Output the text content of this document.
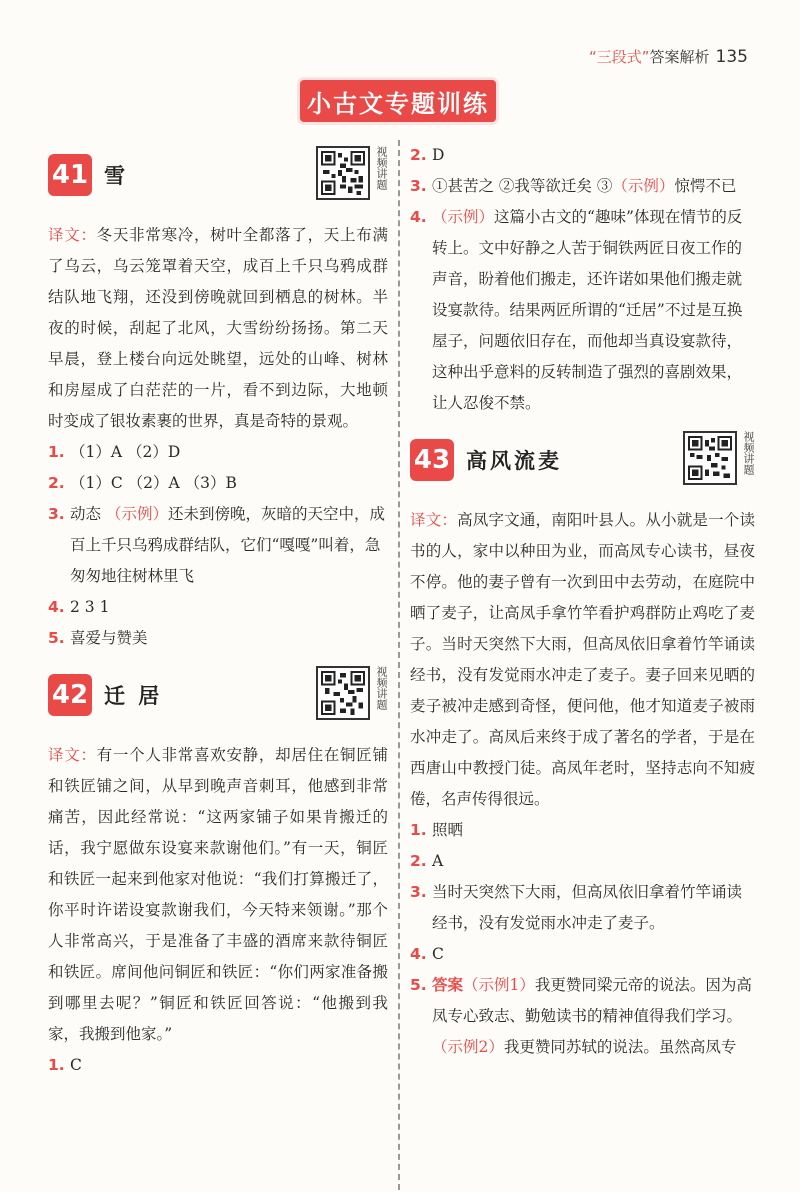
“三段式”答案解析 135
小古文专题训练
41 雪	视频讲题

译文：冬天非常寒冷，树叶全都落了，天上布满了乌云，乌云笼罩着天空，成百上千只乌鸦成群结队地飞翔，还没到傍晚就回到栖息的树林。半夜的时候，刮起了北风，大雪纷纷扬扬。第二天早晨，登上楼台向远处眺望，远处的山峰、树林和房屋成了白茫茫的一片，看不到边际，大地顿时变成了银妆素裹的世界，真是奇特的景观。

1. （1）A （2）D
2. （1）C （2）A （3）B
3. 动态 （示例）还未到傍晚，灰暗的天空中，成百上千只乌鸦成群结队，它们“嘎嘎”叫着，急匆匆地往树林里飞
4. 2 3 1
5. 喜爱与赞美
42 迁 居	视频讲题

译文：有一个人非常喜欢安静，却居住在铜匠铺和铁匠铺之间，从早到晚声音刺耳，他感到非常痛苦，因此经常说：“这两家铺子如果肯搬迁的话，我宁愿做东设宴来款谢他们。”有一天，铜匠和铁匠一起来到他家对他说：“我们打算搬迁了，你平时许诺设宴款谢我们，今天特来领谢。”那个人非常高兴，于是准备了丰盛的酒席来款待铜匠和铁匠。席间他问铜匠和铁匠：“你们两家准备搬到哪里去呢？”铜匠和铁匠回答说：“他搬到我家，我搬到他家。”

1. C
2. D
3. ①甚苦之 ②我等欲迁矣 ③（示例）惊愕不已
4. （示例）这篇小古文的“趣味”体现在情节的反转上。文中好静之人苦于铜铁两匠日夜工作的声音，盼着他们搬走，还许诺如果他们搬走就设宴款待。结果两匠所谓的“迁居”不过是互换屋子，问题依旧存在，而他却当真设宴款待，这种出乎意料的反转制造了强烈的喜剧效果，让人忍俊不禁。
43 高风流麦	视频讲题

译文：高凤字文通，南阳叶县人。从小就是一个读书的人，家中以种田为业，而高凤专心读书，昼夜不停。他的妻子曾有一次到田中去劳动，在庭院中晒了麦子，让高凤手拿竹竿看护鸡群防止鸡吃了麦子。当时天突然下大雨，但高凤依旧拿着竹竿诵读经书，没有发觉雨水冲走了麦子。妻子回来见晒的麦子被冲走感到奇怪，便问他，他才知道麦子被雨水冲走了。高凤后来终于成了著名的学者，于是在西唐山中教授门徒。高凤年老时，坚持志向不知疲倦，名声传得很远。

1. 照晒
2. A
3. 当时天突然下大雨，但高凤依旧拿着竹竿诵读经书，没有发觉雨水冲走了麦子。
4. C
5. 答案（示例1）我更赞同梁元帝的说法。因为高凤专心致志、勤勉读书的精神值得我们学习。
（示例2）我更赞同苏轼的说法。虽然高凤专
